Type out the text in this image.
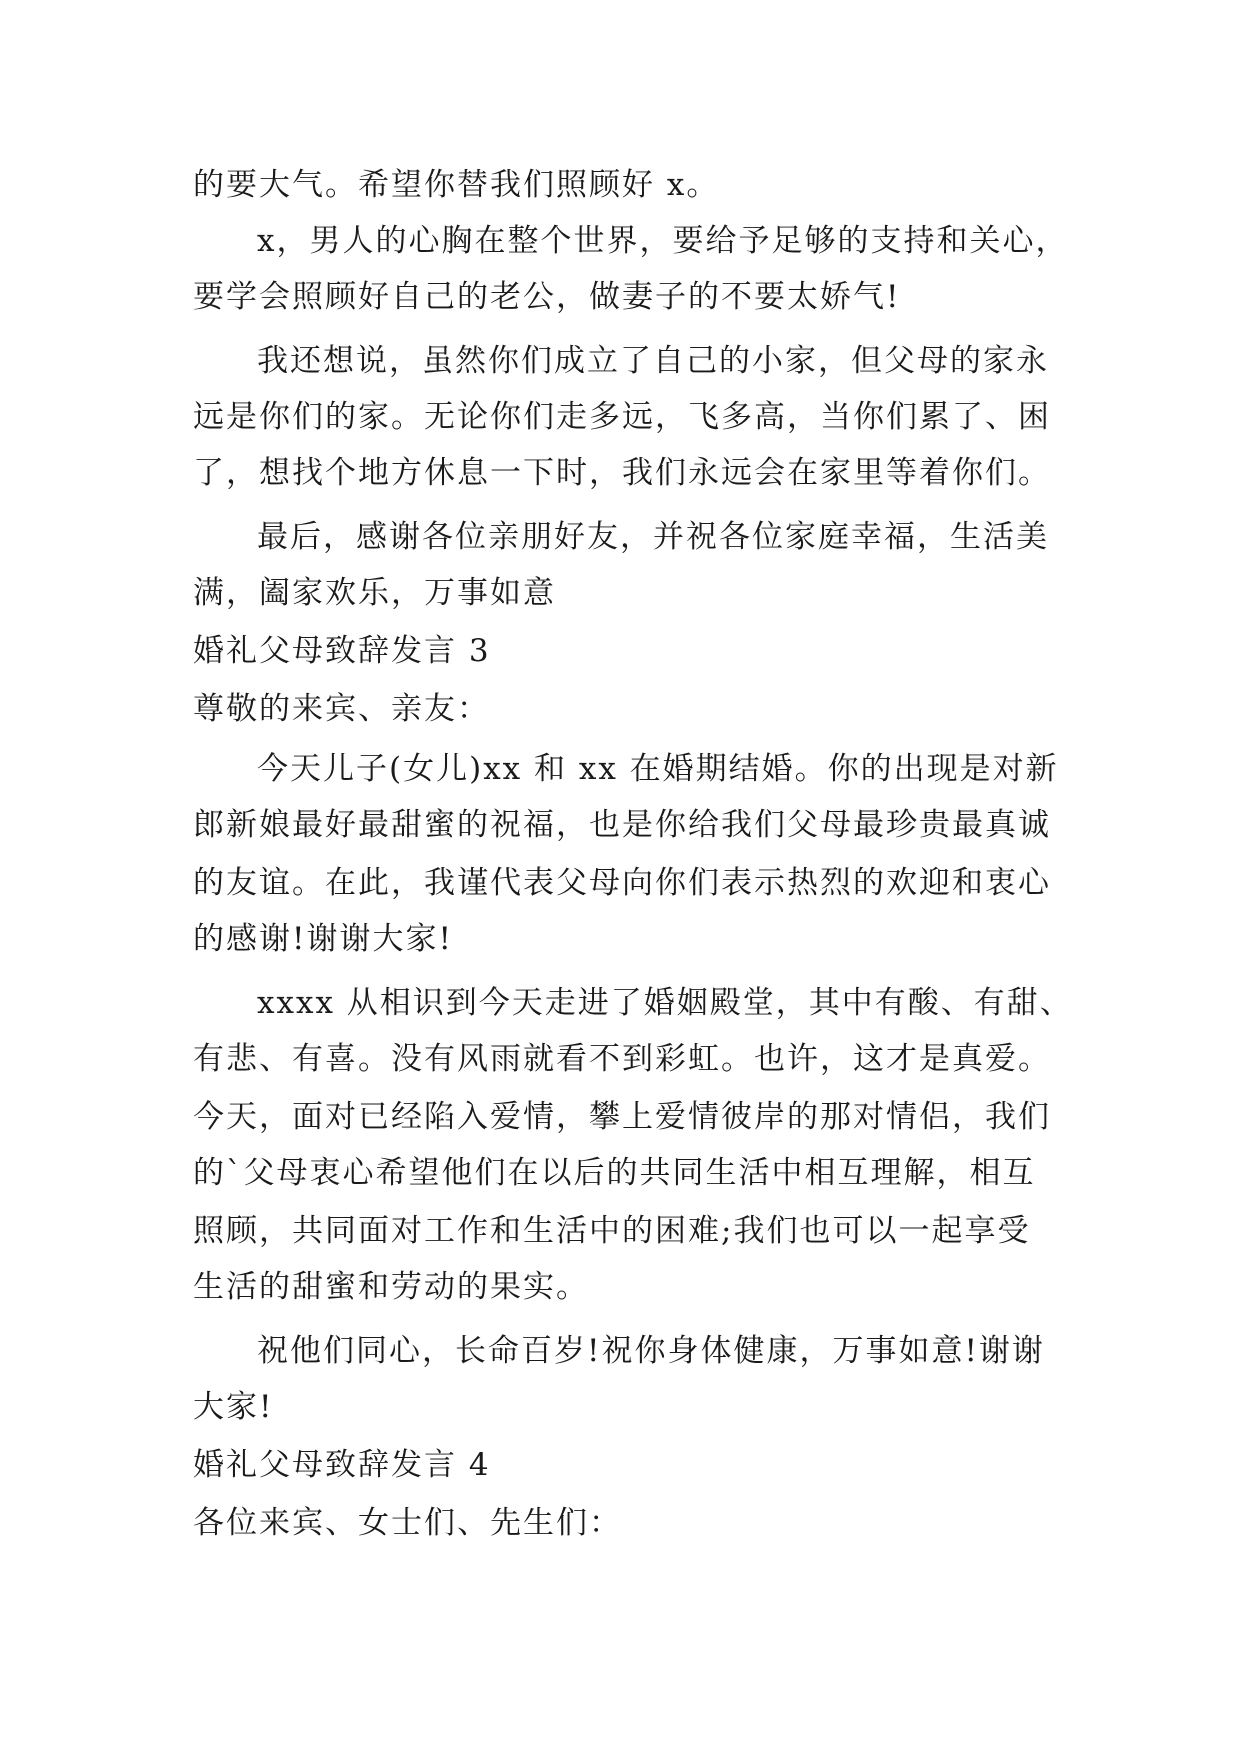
的要大气。希望你替我们照顾好 x。
x，男人的心胸在整个世界，要给予足够的支持和关心，
要学会照顾好自己的老公，做妻子的不要太娇气!
我还想说，虽然你们成立了自己的小家，但父母的家永
远是你们的家。无论你们走多远，飞多高，当你们累了、困
了，想找个地方休息一下时，我们永远会在家里等着你们。
最后，感谢各位亲朋好友，并祝各位家庭幸福，生活美
满，阖家欢乐，万事如意
婚礼父母致辞发言 3
尊敬的来宾、亲友：
今天儿子(女儿)xx 和 xx 在婚期结婚。你的出现是对新
郎新娘最好最甜蜜的祝福，也是你给我们父母最珍贵最真诚
的友谊。在此，我谨代表父母向你们表示热烈的欢迎和衷心
的感谢!谢谢大家!
xxxx 从相识到今天走进了婚姻殿堂，其中有酸、有甜、
有悲、有喜。没有风雨就看不到彩虹。也许，这才是真爱。
今天，面对已经陷入爱情，攀上爱情彼岸的那对情侣，我们
的`父母衷心希望他们在以后的共同生活中相互理解，相互
照顾，共同面对工作和生活中的困难;我们也可以一起享受
生活的甜蜜和劳动的果实。
祝他们同心，长命百岁!祝你身体健康，万事如意!谢谢
大家!
婚礼父母致辞发言 4
各位来宾、女士们、先生们：
